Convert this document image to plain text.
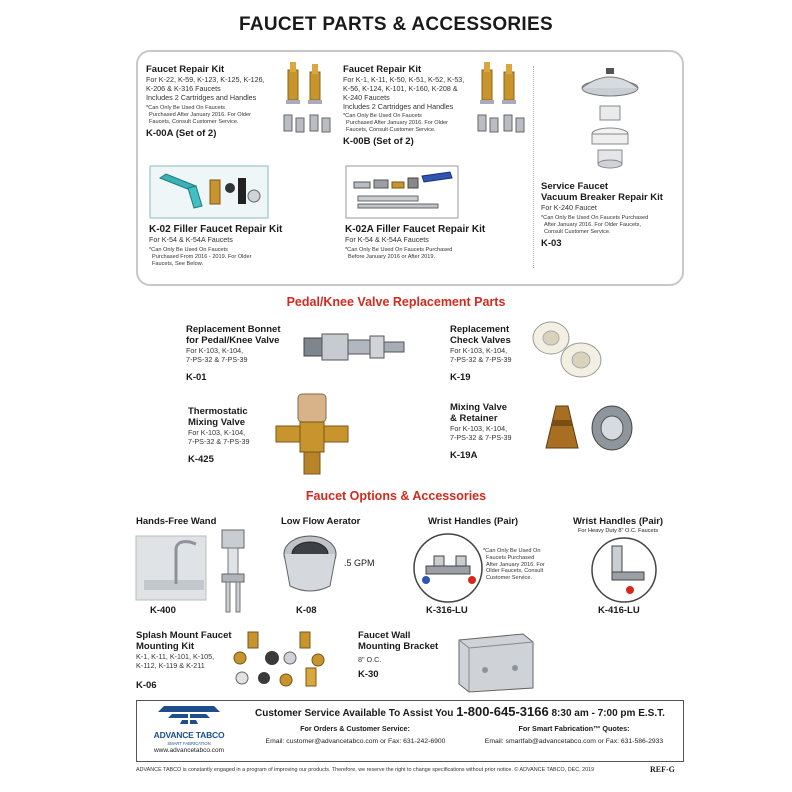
FAUCET PARTS & ACCESSORIES
Faucet Repair Kit
For K-22, K-59, K-123, K-125, K-126,
K-206 & K-316 Faucets
Includes 2 Cartridges and Handles
*Can Only Be Used On Faucets
Purchased After January 2016. For Older
Faucets, Consult Customer Service.
K-00A (Set of 2)
Faucet Repair Kit
For K-1, K-11, K-50, K-51, K-52, K-53,
K-56, K-124, K-101, K-160, K-208 &
K-240 Faucets
Includes 2 Cartridges and Handles
*Can Only Be Used On Faucets
Purchased After January 2016. For Older
Faucets, Consult Customer Service.
K-00B (Set of 2)
Service Faucet
Vacuum Breaker Repair Kit
For K-240 Faucet
*Can Only Be Used On Faucets Purchased
After January 2016. For Older Faucets,
Consult Customer Service.
K-03
K-02 Filler Faucet Repair Kit
For K-54 & K-54A Faucets
*Can Only Be Used On Faucets
Purchased From 2016 - 2019. For Older
Faucets, See Below.
K-02A Filler Faucet Repair Kit
For K-54 & K-54A Faucets
*Can Only Be Used On Faucets Purchased
Before January 2016 or After 2019.
Pedal/Knee Valve Replacement Parts
Replacement Bonnet
for Pedal/Knee Valve
For K-103, K-104,
7-PS-32 & 7-PS-39
K-01
Replacement
Check Valves
For K-103, K-104,
7-PS-32 & 7-PS-39
K-19
Thermostatic
Mixing Valve
For K-103, K-104,
7-PS-32 & 7-PS-39
K-425
Mixing Valve
& Retainer
For K-103, K-104,
7-PS-32 & 7-PS-39
K-19A
Faucet Options & Accessories
Hands-Free Wand
K-400
Low Flow Aerator
.5 GPM
K-08
Wrist Handles (Pair)
*Can Only Be Used On
Faucets Purchased
After January 2016. For
Older Faucets, Consult
Customer Service.
K-316-LU
Wrist Handles (Pair)
For Heavy Duty 8" O.C. Faucets
K-416-LU
Splash Mount Faucet
Mounting Kit
K-1, K-11, K-101, K-105,
K-112, K-119 & K-211
K-06
Faucet Wall
Mounting Bracket
8" O.C.
K-30
ADVANCE TABCO
SMART FABRICATION
www.advancetabco.com
Customer Service Available To Assist You 1-800-645-3166 8:30 am - 7:00 pm E.S.T.
For Orders & Customer Service:
Email: customer@advancetabco.com or Fax: 631-242-6900
For Smart Fabrication™ Quotes:
Email: smartfab@advancetabco.com or Fax: 631-586-2933
ADVANCE TABCO is constantly engaged in a program of improving our products. Therefore, we reserve the right to change specifications without prior notice. © ADVANCE TABCO, DEC. 2019	REF-G
